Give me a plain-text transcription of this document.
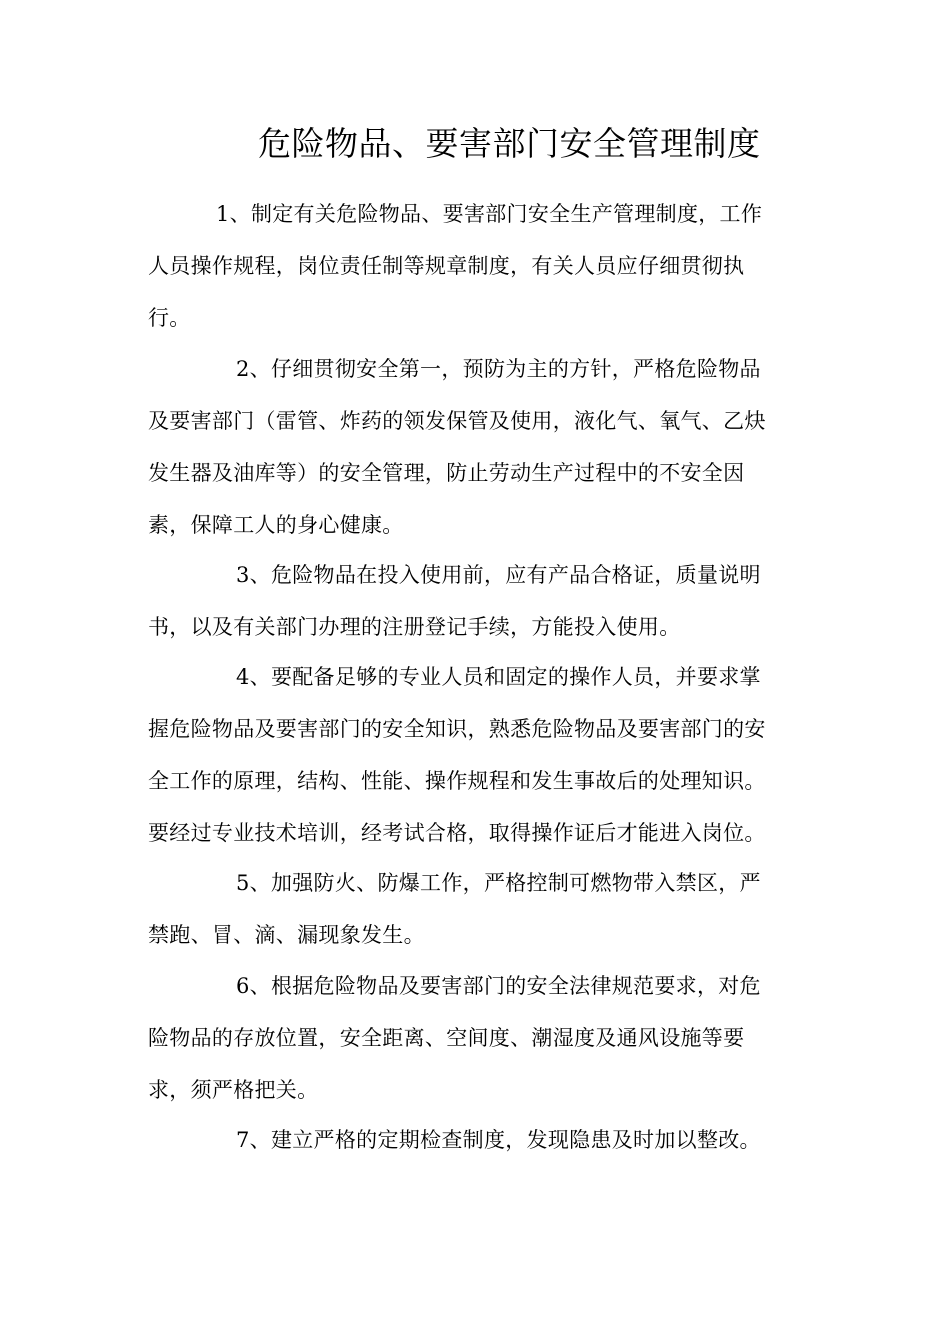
危险物品、要害部门安全管理制度
1、制定有关危险物品、要害部门安全生产管理制度，工作
人员操作规程，岗位责任制等规章制度，有关人员应仔细贯彻执
行。
2、仔细贯彻安全第一，预防为主的方针，严格危险物品
及要害部门（雷管、炸药的领发保管及使用，液化气、氧气、乙炔
发生器及油库等）的安全管理，防止劳动生产过程中的不安全因
素，保障工人的身心健康。
3、危险物品在投入使用前，应有产品合格证，质量说明
书，以及有关部门办理的注册登记手续，方能投入使用。
4、要配备足够的专业人员和固定的操作人员，并要求掌
握危险物品及要害部门的安全知识，熟悉危险物品及要害部门的安
全工作的原理，结构、性能、操作规程和发生事故后的处理知识。
要经过专业技术培训，经考试合格，取得操作证后才能进入岗位。
5、加强防火、防爆工作，严格控制可燃物带入禁区，严
禁跑、冒、滴、漏现象发生。
6、根据危险物品及要害部门的安全法律规范要求，对危
险物品的存放位置，安全距离、空间度、潮湿度及通风设施等要
求，须严格把关。
7、建立严格的定期检查制度，发现隐患及时加以整改。
